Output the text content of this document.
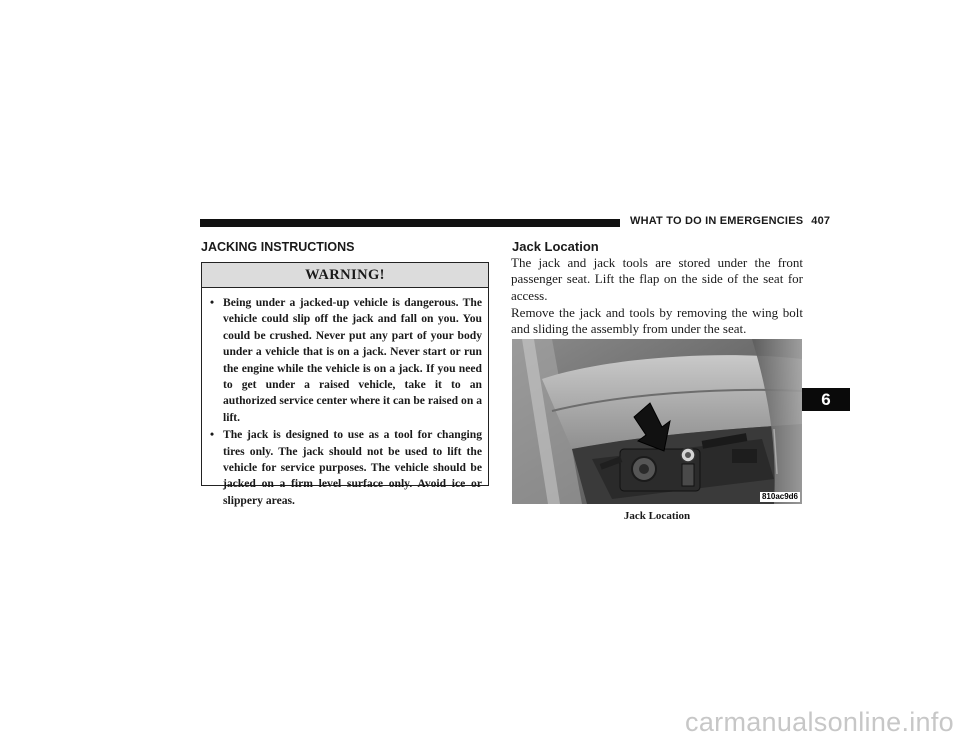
WHAT TO DO IN EMERGENCIES 407
JACKING INSTRUCTIONS
WARNING!
• Being under a jacked-up vehicle is dangerous. The vehicle could slip off the jack and fall on you. You could be crushed. Never put any part of your body under a vehicle that is on a jack. Never start or run the engine while the vehicle is on a jack. If you need to get under a raised vehicle, take it to an authorized service center where it can be raised on a lift.
• The jack is designed to use as a tool for changing tires only. The jack should not be used to lift the vehicle for service purposes. The vehicle should be jacked on a firm level surface only. Avoid ice or slippery areas.
Jack Location

The jack and jack tools are stored under the front passenger seat. Lift the flap on the side of the seat for access.

Remove the jack and tools by removing the wing bolt and sliding the assembly from under the seat.

810ac9d6
Jack Location
6
carmanualsonline.info
